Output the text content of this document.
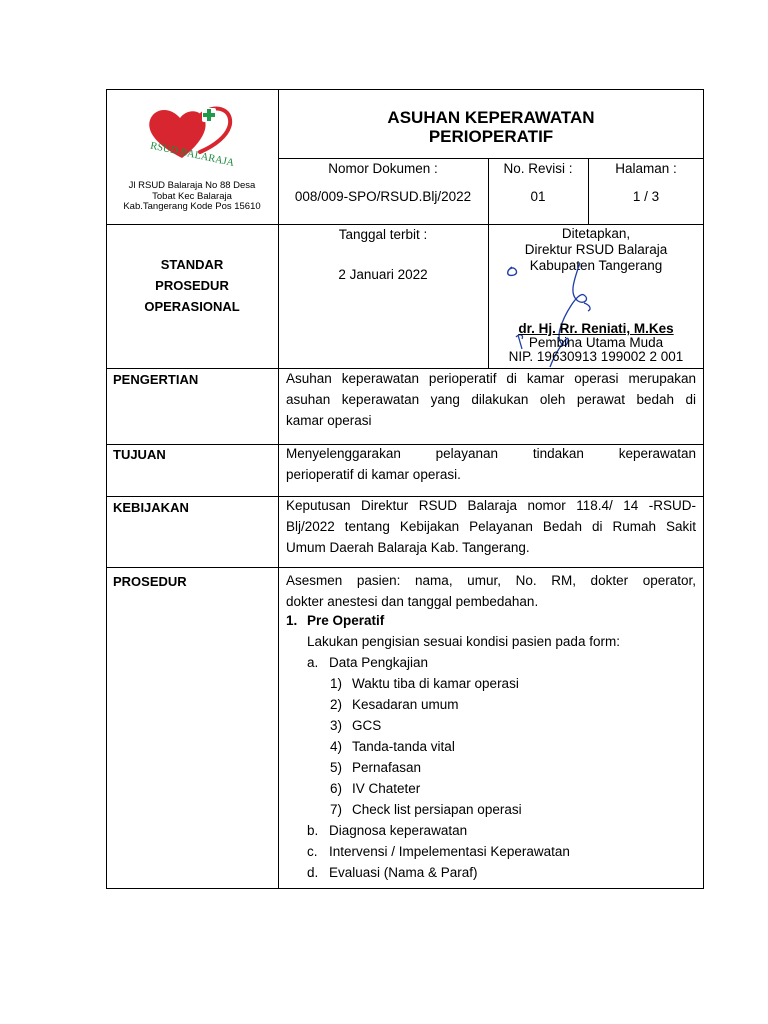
RSUD BALARAJA
Jl RSUD Balaraja No 88 Desa
Tobat Kec Balaraja
Kab.Tangerang Kode Pos 15610
ASUHAN KEPERAWATAN
PERIOPERATIF
Nomor Dokumen :
008/009-SPO/RSUD.Blj/2022
No. Revisi :
01
Halaman :
1 / 3
STANDAR
PROSEDUR
OPERASIONAL
Tanggal terbit :
2 Januari 2022
Ditetapkan,
Direktur RSUD Balaraja
Kabupaten Tangerang
dr. Hj. Rr. Reniati, M.Kes
Pembina Utama Muda
NIP. 19630913 199002 2 001
PENGERTIAN	Asuhan keperawatan perioperatif di kamar operasi merupakan
asuhan keperawatan yang dilakukan oleh perawat bedah di
kamar operasi
TUJUAN	Menyelenggarakan pelayanan tindakan keperawatan
perioperatif di kamar operasi.
KEBIJAKAN	Keputusan Direktur RSUD Balaraja nomor 118.4/ 14 -RSUD-
Blj/2022 tentang Kebijakan Pelayanan Bedah di Rumah Sakit
Umum Daerah Balaraja Kab. Tangerang.
PROSEDUR	Asesmen pasien: nama, umur, No. RM, dokter operator,
dokter anestesi dan tanggal pembedahan.
1. Pre Operatif
Lakukan pengisian sesuai kondisi pasien pada form:
a. Data Pengkajian
1) Waktu tiba di kamar operasi
2) Kesadaran umum
3) GCS
4) Tanda-tanda vital
5) Pernafasan
6) IV Chateter
7) Check list persiapan operasi
b. Diagnosa keperawatan
c. Intervensi / Impelementasi Keperawatan
d. Evaluasi (Nama & Paraf)
